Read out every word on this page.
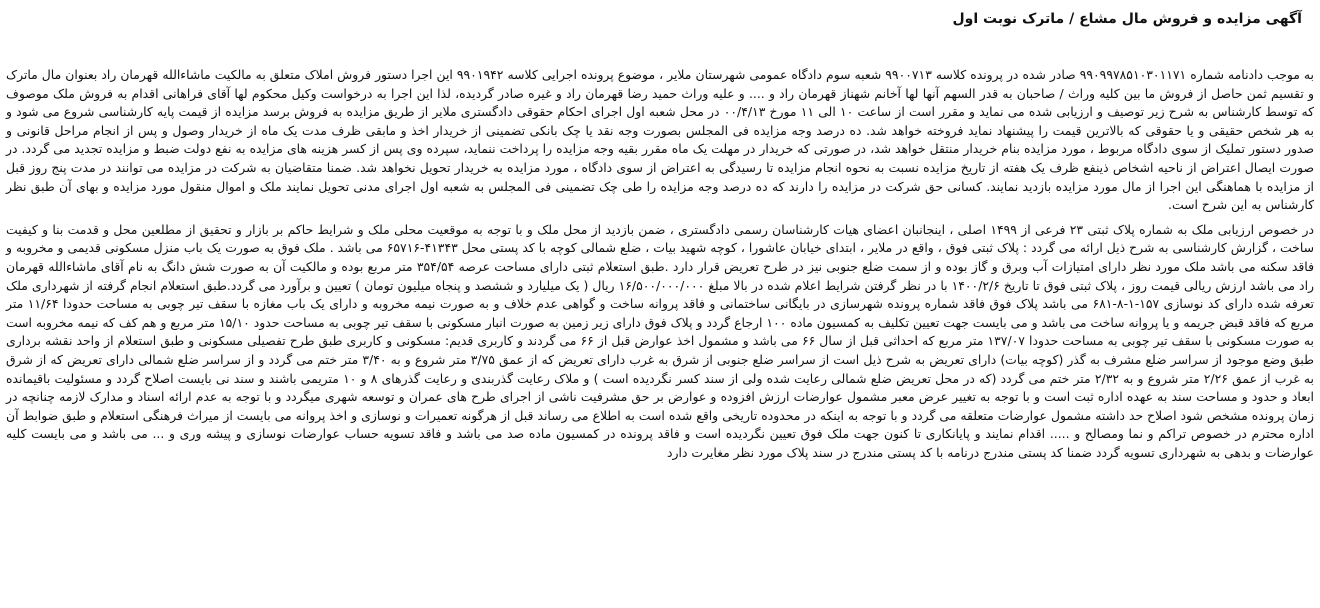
آگهی مزایده و فروش مال مشاع / ماترک نوبت اول

به موجب دادنامه شماره ۹۹۰۹۹۷۸۵۱۰۳۰۱۱۷۱ صادر شده در پرونده کلاسه ۹۹۰۰۷۱۳ شعبه سوم دادگاه عمومی شهرستان ملایر ، موضوع پرونده اجرایی کلاسه ۹۹۰۱۹۴۲ این اجرا دستور فروش املاک متعلق به مالکیت ماشاءالله قهرمان راد بعنوان مال ماترک و تقسیم ثمن حاصل از فروش ما بین کلیه وراث / صاحبان به قدر السهم آنها لها آخانم شهناز قهرمان راد و .... و علیه وراث حمید رضا قهرمان راد و غیره صادر گردیده، لذا این اجرا به درخواست وکیل محکوم لها آقای فراهانی اقدام به فروش ملک موصوف که توسط کارشناس به شرح زیر توصیف و ارزیابی شده می نماید و مقرر است از ساعت ۱۰ الی ۱۱ مورخ ۰۰/۴/۱۳ در محل شعبه اول اجرای احکام حقوقی دادگستری ملایر از طریق مزایده به فروش برسد مزایده از قیمت پایه کارشناسی شروع می شود و به هر شخص حقیقی و یا حقوقی که بالاترین قیمت را پیشنهاد نماید فروخته خواهد شد. ده درصد وجه مزایده فی المجلس بصورت وجه نقد یا چک بانکی تضمینی از خریدار اخذ و مابقی ظرف مدت یک ماه از خریدار وصول و پس از انجام مراحل قانونی و صدور دستور تملیک از سوی دادگاه مربوط ، مورد مزایده بنام خریدار منتقل خواهد شد، در صورتی که خریدار در مهلت یک ماه مقرر بقیه وجه مزایده را پرداخت ننماید، سپرده وی پس از کسر هزینه های مزایده به نفع دولت ضبط و مزایده تجدید می گردد. در صورت ایصال اعتراض از ناحیه اشخاص ذینفع ظرف یک هفته از تاریخ مزایده نسبت به نحوه انجام مزایده تا رسیدگی به اعتراض از سوی دادگاه ، مورد مزایده به خریدار تحویل نخواهد شد. ضمنا متقاضیان به شرکت در مزایده می توانند در مدت پنج روز قبل از مزایده با هماهنگی این اجرا از مال مورد مزایده بازدید نمایند. کسانی حق شرکت در مزایده را دارند که ده درصد وجه مزایده را طی چک تضمینی فی المجلس به شعبه اول اجرای مدنی تحویل نمایند ملک و اموال منقول مورد مزایده و بهای آن طبق نظر کارشناس به این شرح است.

در خصوص ارزیابی ملک به شماره پلاک ثبتی ۲۳ فرعی از ۱۴۹۹ اصلی ، اینجانبان اعضای هیات کارشناسان رسمی دادگستری ، ضمن بازدید از محل ملک و با توجه به موقعیت محلی ملک و شرایط حاکم بر بازار و تحقیق از مطلعین محل و قدمت بنا و کیفیت ساخت ، گزارش کارشناسی به شرح ذیل ارائه می گردد : پلاک ثبتی فوق ، واقع در ملایر ، ابتدای خیابان عاشورا ، کوچه شهید بیات ، ضلع شمالی کوچه با کد پستی محل ۴۱۳۴۳-۶۵۷۱۶ می باشد . ملک فوق به صورت یک باب منزل مسکونی قدیمی و مخروبه و فاقد سکنه می باشد ملک مورد نظر دارای امتیازات آب وبرق و گاز بوده و از سمت ضلع جنوبی نیز در طرح تعریض قرار دارد .طبق استعلام ثبتی دارای مساحت عرصه ۳۵۴/۵۴ متر مربع بوده و مالکیت آن به صورت شش دانگ به نام آقای ماشاءالله قهرمان راد می باشد ارزش ریالی قیمت روز ، پلاک ثبتی فوق تا تاریخ ۱۴۰۰/۲/۶ با در نظر گرفتن شرایط اعلام شده در بالا مبلغ ۱۶/۵۰۰/۰۰۰/۰۰۰ ریال ( یک میلیارد و ششصد و پنجاه میلیون تومان ) تعیین و برآورد می گردد.طبق استعلام انجام گرفته از شهرداری ملک تعرفه شده دارای کد نوسازی ۱۵۷-۱-۸-۶۸۱ می باشد پلاک فوق فاقد شماره پرونده شهرسازی در بایگانی ساختمانی و فاقد پروانه ساخت و گواهی عدم خلاف و به صورت نیمه مخروبه و دارای یک باب مغازه با سقف تیر چوبی به مساحت حدودا ۱۱/۶۴ متر مربع که فاقد قبض جریمه و یا پروانه ساخت می باشد و می بایست جهت تعیین تکلیف به کمسیون ماده ۱۰۰ ارجاع گردد و پلاک فوق دارای زیر زمین به صورت انبار مسکونی با سقف تیر چوبی به مساحت حدود ۱۵/۱۰ متر مربع و هم کف که نیمه مخروبه است به صورت مسکونی با سقف تیر چوبی به مساحت حدودا ۱۳۷/۰۷ متر مربع که احداثی قبل از سال ۶۶ می باشد و مشمول اخذ عوارض قبل از ۶۶ می گردند و کاربری قدیم: مسکونی و کاربری طبق طرح تفصیلی مسکونی و طبق استعلام از واحد نقشه برداری طبق وضع موجود از سراسر ضلع مشرف به گذر (کوچه بیات) دارای تعریض به شرح ذیل است از سراسر ضلع جنوبی از شرق به غرب دارای تعریض که از عمق ۳/۷۵ متر شروع و به ۳/۴۰ متر ختم می گردد و از سراسر ضلع شمالی دارای تعریض که از شرق به غرب از عمق ۲/۲۶ متر شروع و به ۲/۳۲ متر ختم می گردد (که در محل تعریض ضلع شمالی رعایت شده ولی از سند کسر نگردیده است ) و ملاک رعایت گذربندی و رعایت گذرهای ۸ و ۱۰ متریمی باشند و سند نی بایست اصلاح گردد و مسئولیت باقیمانده ابعاد و حدود و مساحت سند به عهده اداره ثبت است و با توجه به تغییر عرض معبر مشمول عوارضات ارزش افزوده و عوارض بر حق مشرفیت ناشی از اجرای طرح های عمران و توسعه شهری میگردد و با توجه به عدم ارائه اسناد و مدارک لازمه چنانچه در زمان پرونده مشخص شود اصلاح حد داشته مشمول عوارضات متعلقه می گردد و با توجه به اینکه در محدوده تاریخی واقع شده است به اطلاع می رساند قبل از هرگونه تعمیرات و نوسازی و اخذ پروانه می بایست از میراث فرهنگی استعلام و طبق ضوابط آن اداره محترم در خصوص تراکم و نما ومصالح و ..... اقدام نمایند و پایانکاری تا کنون جهت ملک فوق تعیین نگردیده است و فاقد پرونده در کمسیون ماده صد می باشد و فاقد تسویه حساب عوارضات نوسازی و پیشه وری و ... می باشد و می بایست کلیه عوارضات و بدهی به شهرداری تسویه گردد ضمنا کد پستی مندرج درنامه با کد پستی مندرج در سند پلاک مورد نظر مغایرت دارد
